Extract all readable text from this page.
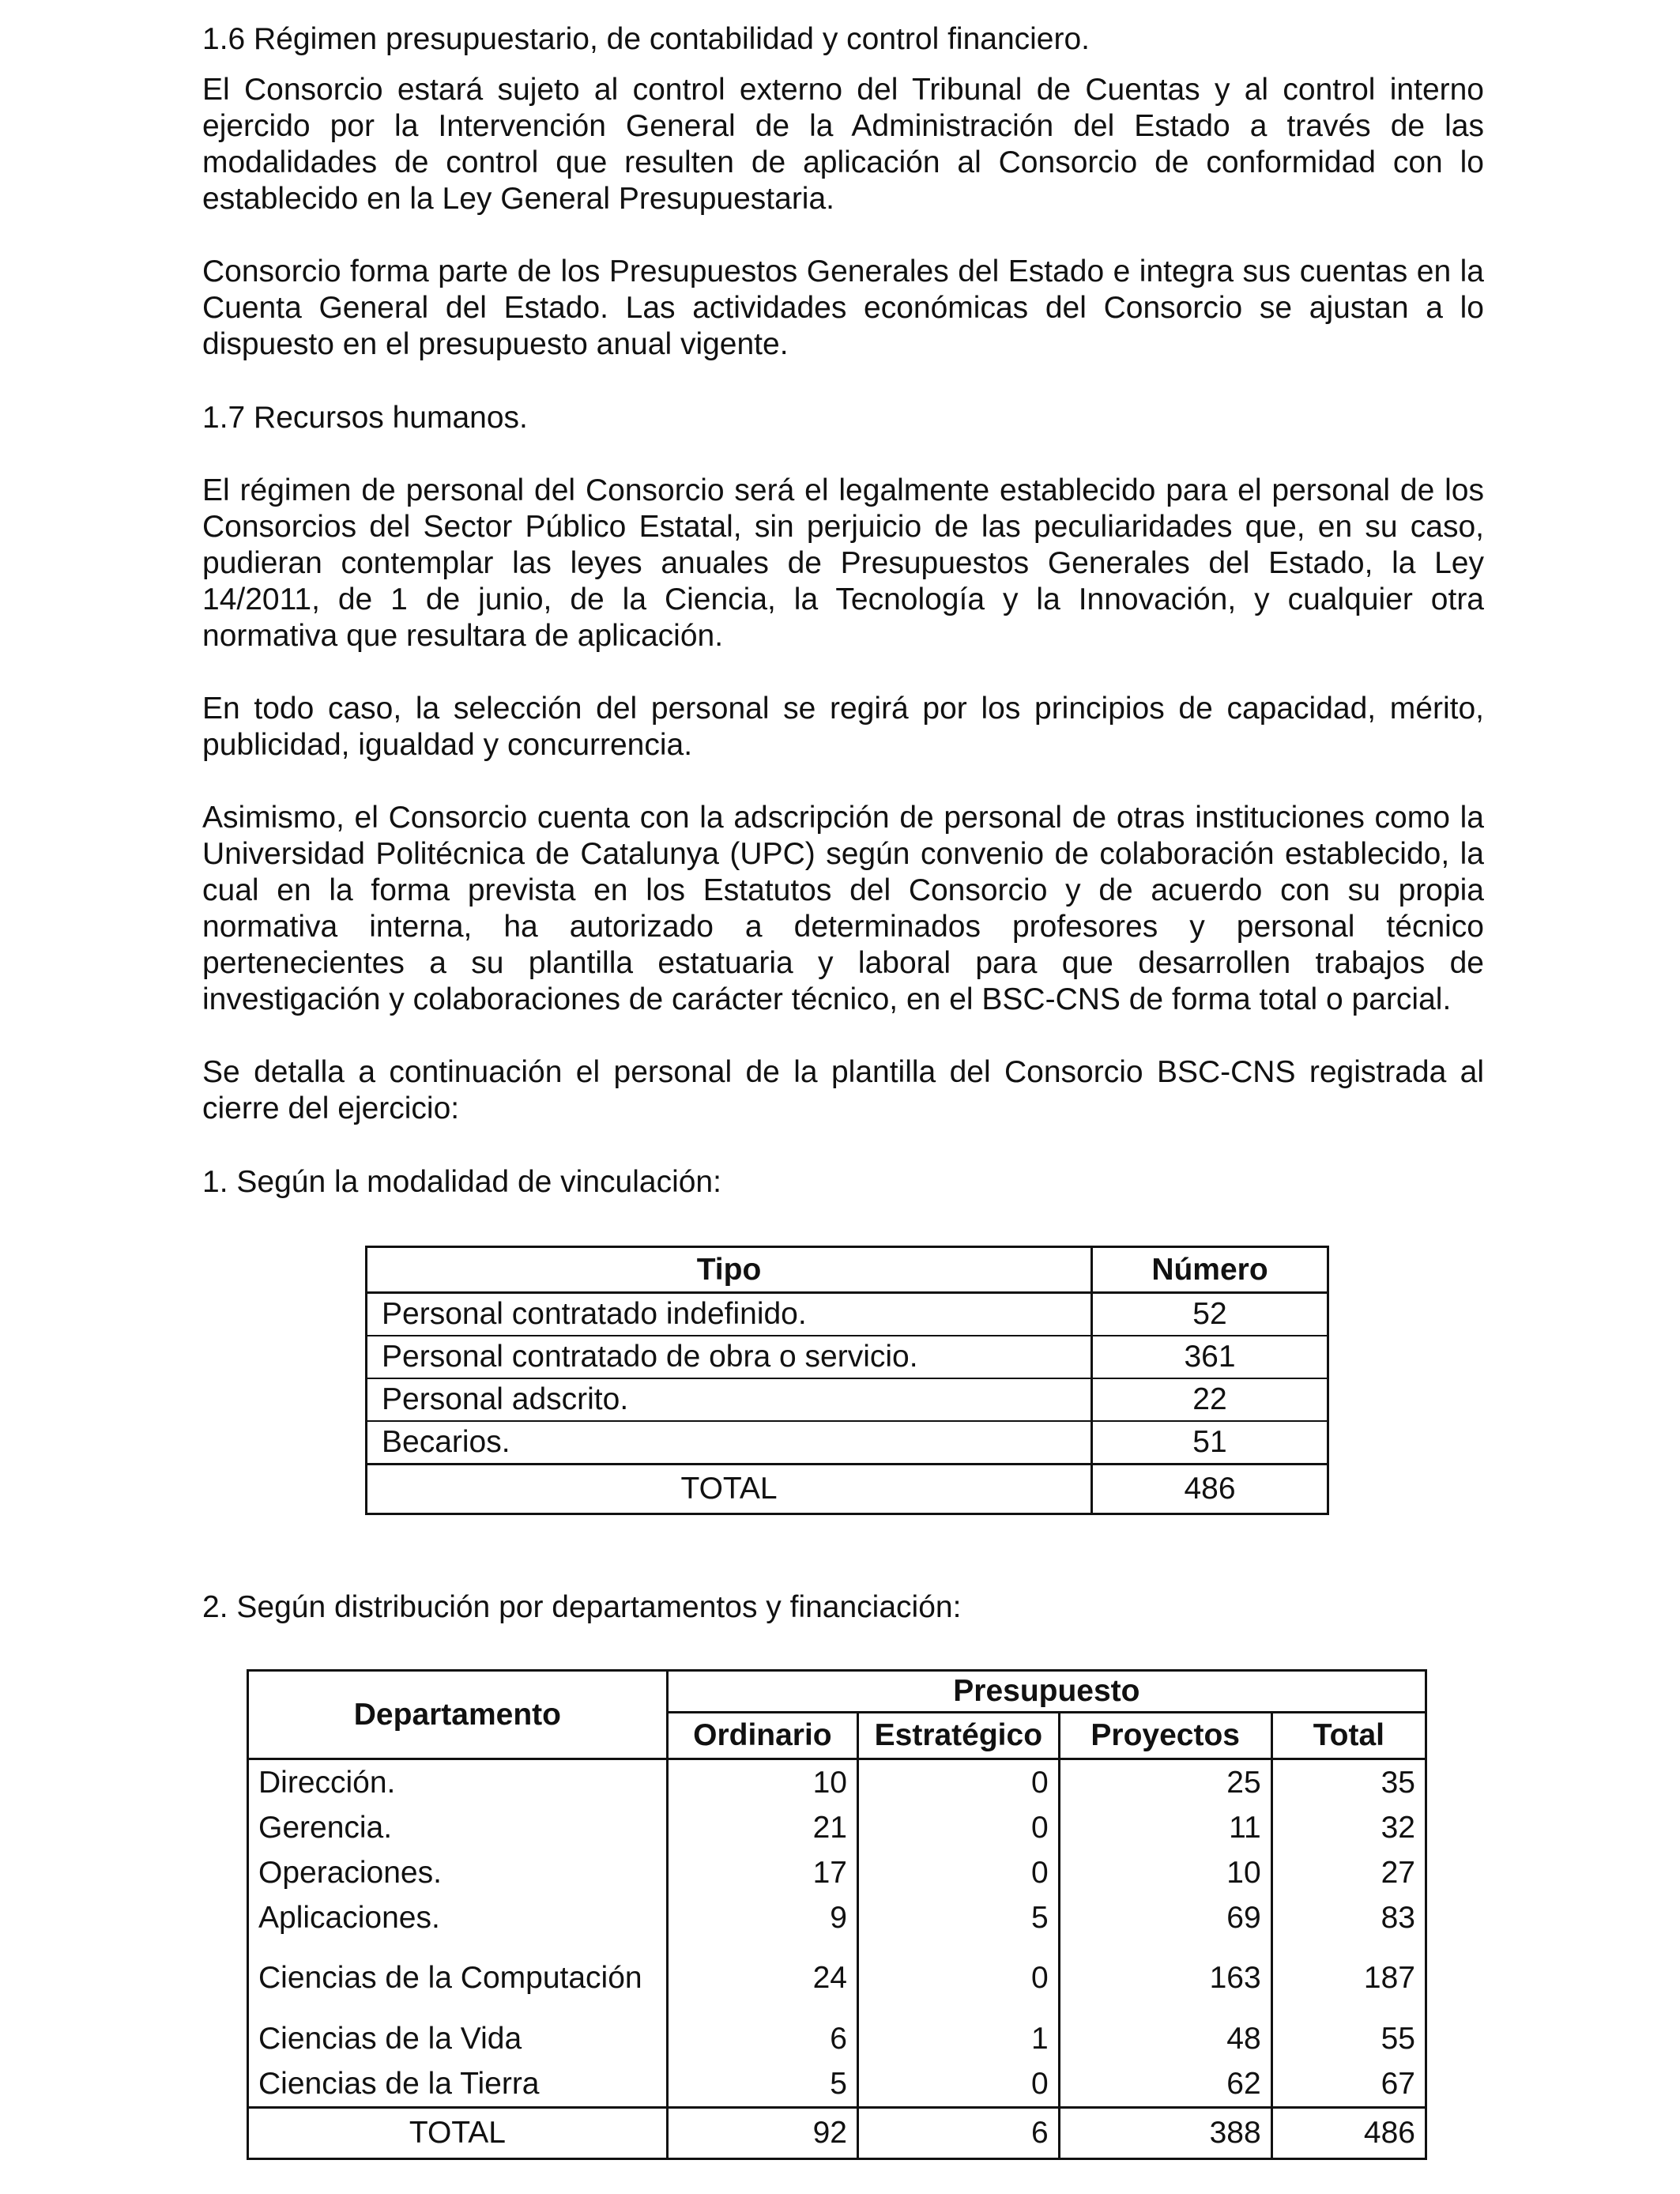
1.6 Régimen presupuestario, de contabilidad y control financiero.

El Consorcio estará sujeto al control externo del Tribunal de Cuentas y al control interno ejercido por la Intervención General de la Administración del Estado a través de las modalidades de control que resulten de aplicación al Consorcio de conformidad con lo establecido en la Ley General Presupuestaria.

Consorcio forma parte de los Presupuestos Generales del Estado e integra sus cuentas en la Cuenta General del Estado. Las actividades económicas del Consorcio se ajustan a lo dispuesto en el presupuesto anual vigente.

1.7 Recursos humanos.

El régimen de personal del Consorcio será el legalmente establecido para el personal de los Consorcios del Sector Público Estatal, sin perjuicio de las peculiaridades que, en su caso, pudieran contemplar las leyes anuales de Presupuestos Generales del Estado, la Ley 14/2011, de 1 de junio, de la Ciencia, la Tecnología y la Innovación, y cualquier otra normativa que resultara de aplicación.

En todo caso, la selección del personal se regirá por los principios de capacidad, mérito, publicidad, igualdad y concurrencia.

Asimismo, el Consorcio cuenta con la adscripción de personal de otras instituciones como la Universidad Politécnica de Catalunya (UPC) según convenio de colaboración establecido, la cual en la forma prevista en los Estatutos del Consorcio y de acuerdo con su propia normativa interna, ha autorizado a determinados profesores y personal técnico pertenecientes a su plantilla estatuaria y laboral para que desarrollen trabajos de investigación y colaboraciones de carácter técnico, en el BSC-CNS de forma total o parcial.

Se detalla a continuación el personal de la plantilla del Consorcio BSC-CNS registrada al cierre del ejercicio:

1. Según la modalidad de vinculación:

Tipo	Número
Personal contratado indefinido.	52
Personal contratado de obra o servicio.	361
Personal adscrito.	22
Becarios.	51
TOTAL	486

2. Según distribución por departamentos y financiación:

Departamento	Presupuesto			
	Ordinario	Estratégico	Proyectos	Total
Dirección.	10	0	25	35
Gerencia.	21	0	11	32
Operaciones.	17	0	10	27
Aplicaciones.	9	5	69	83
Ciencias de la Computación	24	0	163	187
Ciencias de la Vida	6	1	48	55
Ciencias de la Tierra	5	0	62	67
TOTAL	92	6	388	486
